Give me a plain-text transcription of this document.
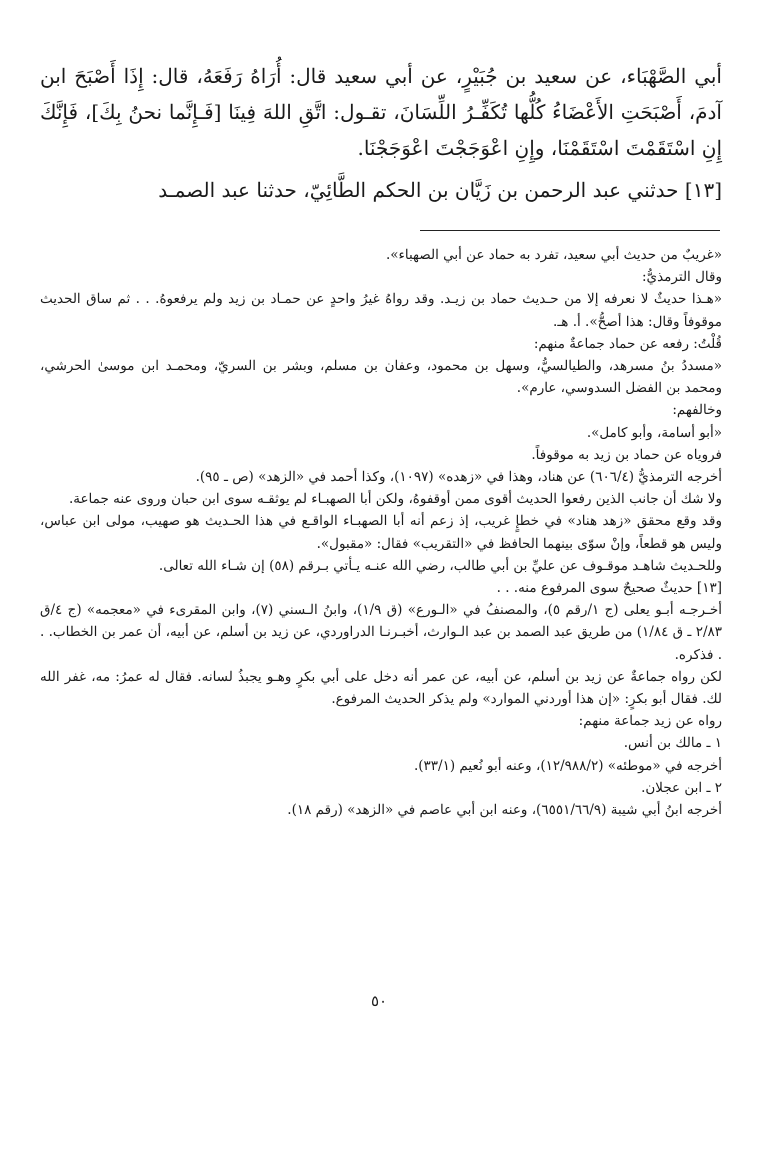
أبي الصَّهْبَاء، عن سعيد بن جُبَيْرٍ، عن أبي سعيد قال: أُرَاهُ رَفَعَهُ، قال: إِذَا أَصْبَحَ ابن آدمَ، أَصْبَحَتِ الأَعْضَاءُ كُلُّها تُكَفِّـرُ اللِّسَانَ، تقـول: اتَّقِ اللهَ فِينَا [فَـإِنَّما نحنُ بِكَ]، فَإِنَّكَ إِنِ اسْتَقَمْتَ اسْتَقَمْنَا، وإِنِ اعْوَجَجْتَ اعْوَجَجْنَا.

[١٣] حدثني عبد الرحمن بن زَيَّان بن الحكم الطَّائِيّ، حدثنا عبد الصمـد

«غريبٌ من حديث أبي سعيد، تفرد به حماد عن أبي الصهباء».

وقال الترمذيُّ:

«هـذا حديثٌ لا نعرفه إلا من حـديث حماد بن زيـد. وقد رواهُ غيرُ واحدٍ عن حمـاد بن زيد ولم يرفعوهُ. . . ثم ساق الحديث موقوفاً وقال: هذا أصحُّ». أ. هـ.

قُلْتُ: رفعه عن حماد جماعةٌ منهم:

«مسددُ بنُ مسرهد، والطيالسيُّ، وسهل بن محمود، وعفان بن مسلم، وبشر بن السريّ، ومحمـد ابن موسىٰ الحرشي، ومحمد بن الفضل السدوسي، عارم».

وخالفهم:

«أبو أسامة، وأبو كامل».

فروياه عن حماد بن زيد به موقوفاً.

أخرجه الترمذيُّ (٦٠٦/٤) عن هناد، وهذا في «زهده» (١٠٩٧)، وكذا أحمد في «الزهد» (ص ـ ٩٥).

ولا شك أن جانب الذين رفعوا الحديث أقوى ممن أوقفوهُ، ولكن أبا الصهبـاء لم يوثقـه سوى ابن حبان وروى عنه جماعة.

وقد وقع محقق «زهد هناد» في خطإٍ غريب، إذ زعم أنه أبا الصهبـاء الواقـع في هذا الحـديث هو صهيب، مولى ابن عباس، وليس هو قطعاً، وإنْ سوّى بينهما الحافظ في «التقريب» فقال: «مقبول».

وللحـديث شاهـد موقـوف عن عليِّ بن أبي طالب، رضي الله عنـه يـأتي بـرقم (٥٨) إن شـاء الله تعالى.

[١٣] حديثٌ صحيحٌ سوى المرفوع منه. . .

أخـرجـه أبـو يعلى (ج ١/رقم ٥)، والمصنفُ في «الـورع» (ق ١/٩)، وابنُ الـسني (٧)، وابن المقرىء في «معجمه» (ج ٤/ق ٢/٨٣ ـ ق ١/٨٤) من طريق عبد الصمد بن عبد الـوارث، أخبـرنـا الدراوردي، عن زيد بن أسلم، عن أبيه، أن عمر بن الخطاب. . . فذكره.

لكن رواه جماعةٌ عن زيد بن أسلم، عن أبيه، عن عمر أنه دخل على أبي بكرٍ وهـو يجبذُ لسانه. فقال له عمرُ: مه، غفر الله لك. فقال أبو بكرٍ: «إن هذا أوردني الموارد» ولم يذكر الحديث المرفوع.

رواه عن زيد جماعة منهم:

١ ـ مالك بن أنس.

أخرجه في «موطئه» (١٢/٩٨٨/٢)، وعنه أبو نُعيم (٣٣/١).

٢ ـ ابن عجلان.

أخرجه ابنُ أبي شيبة (٦٥٥١/٦٦/٩)، وعنه ابن أبي عاصم في «الزهد» (رقم ١٨).

٥٠
